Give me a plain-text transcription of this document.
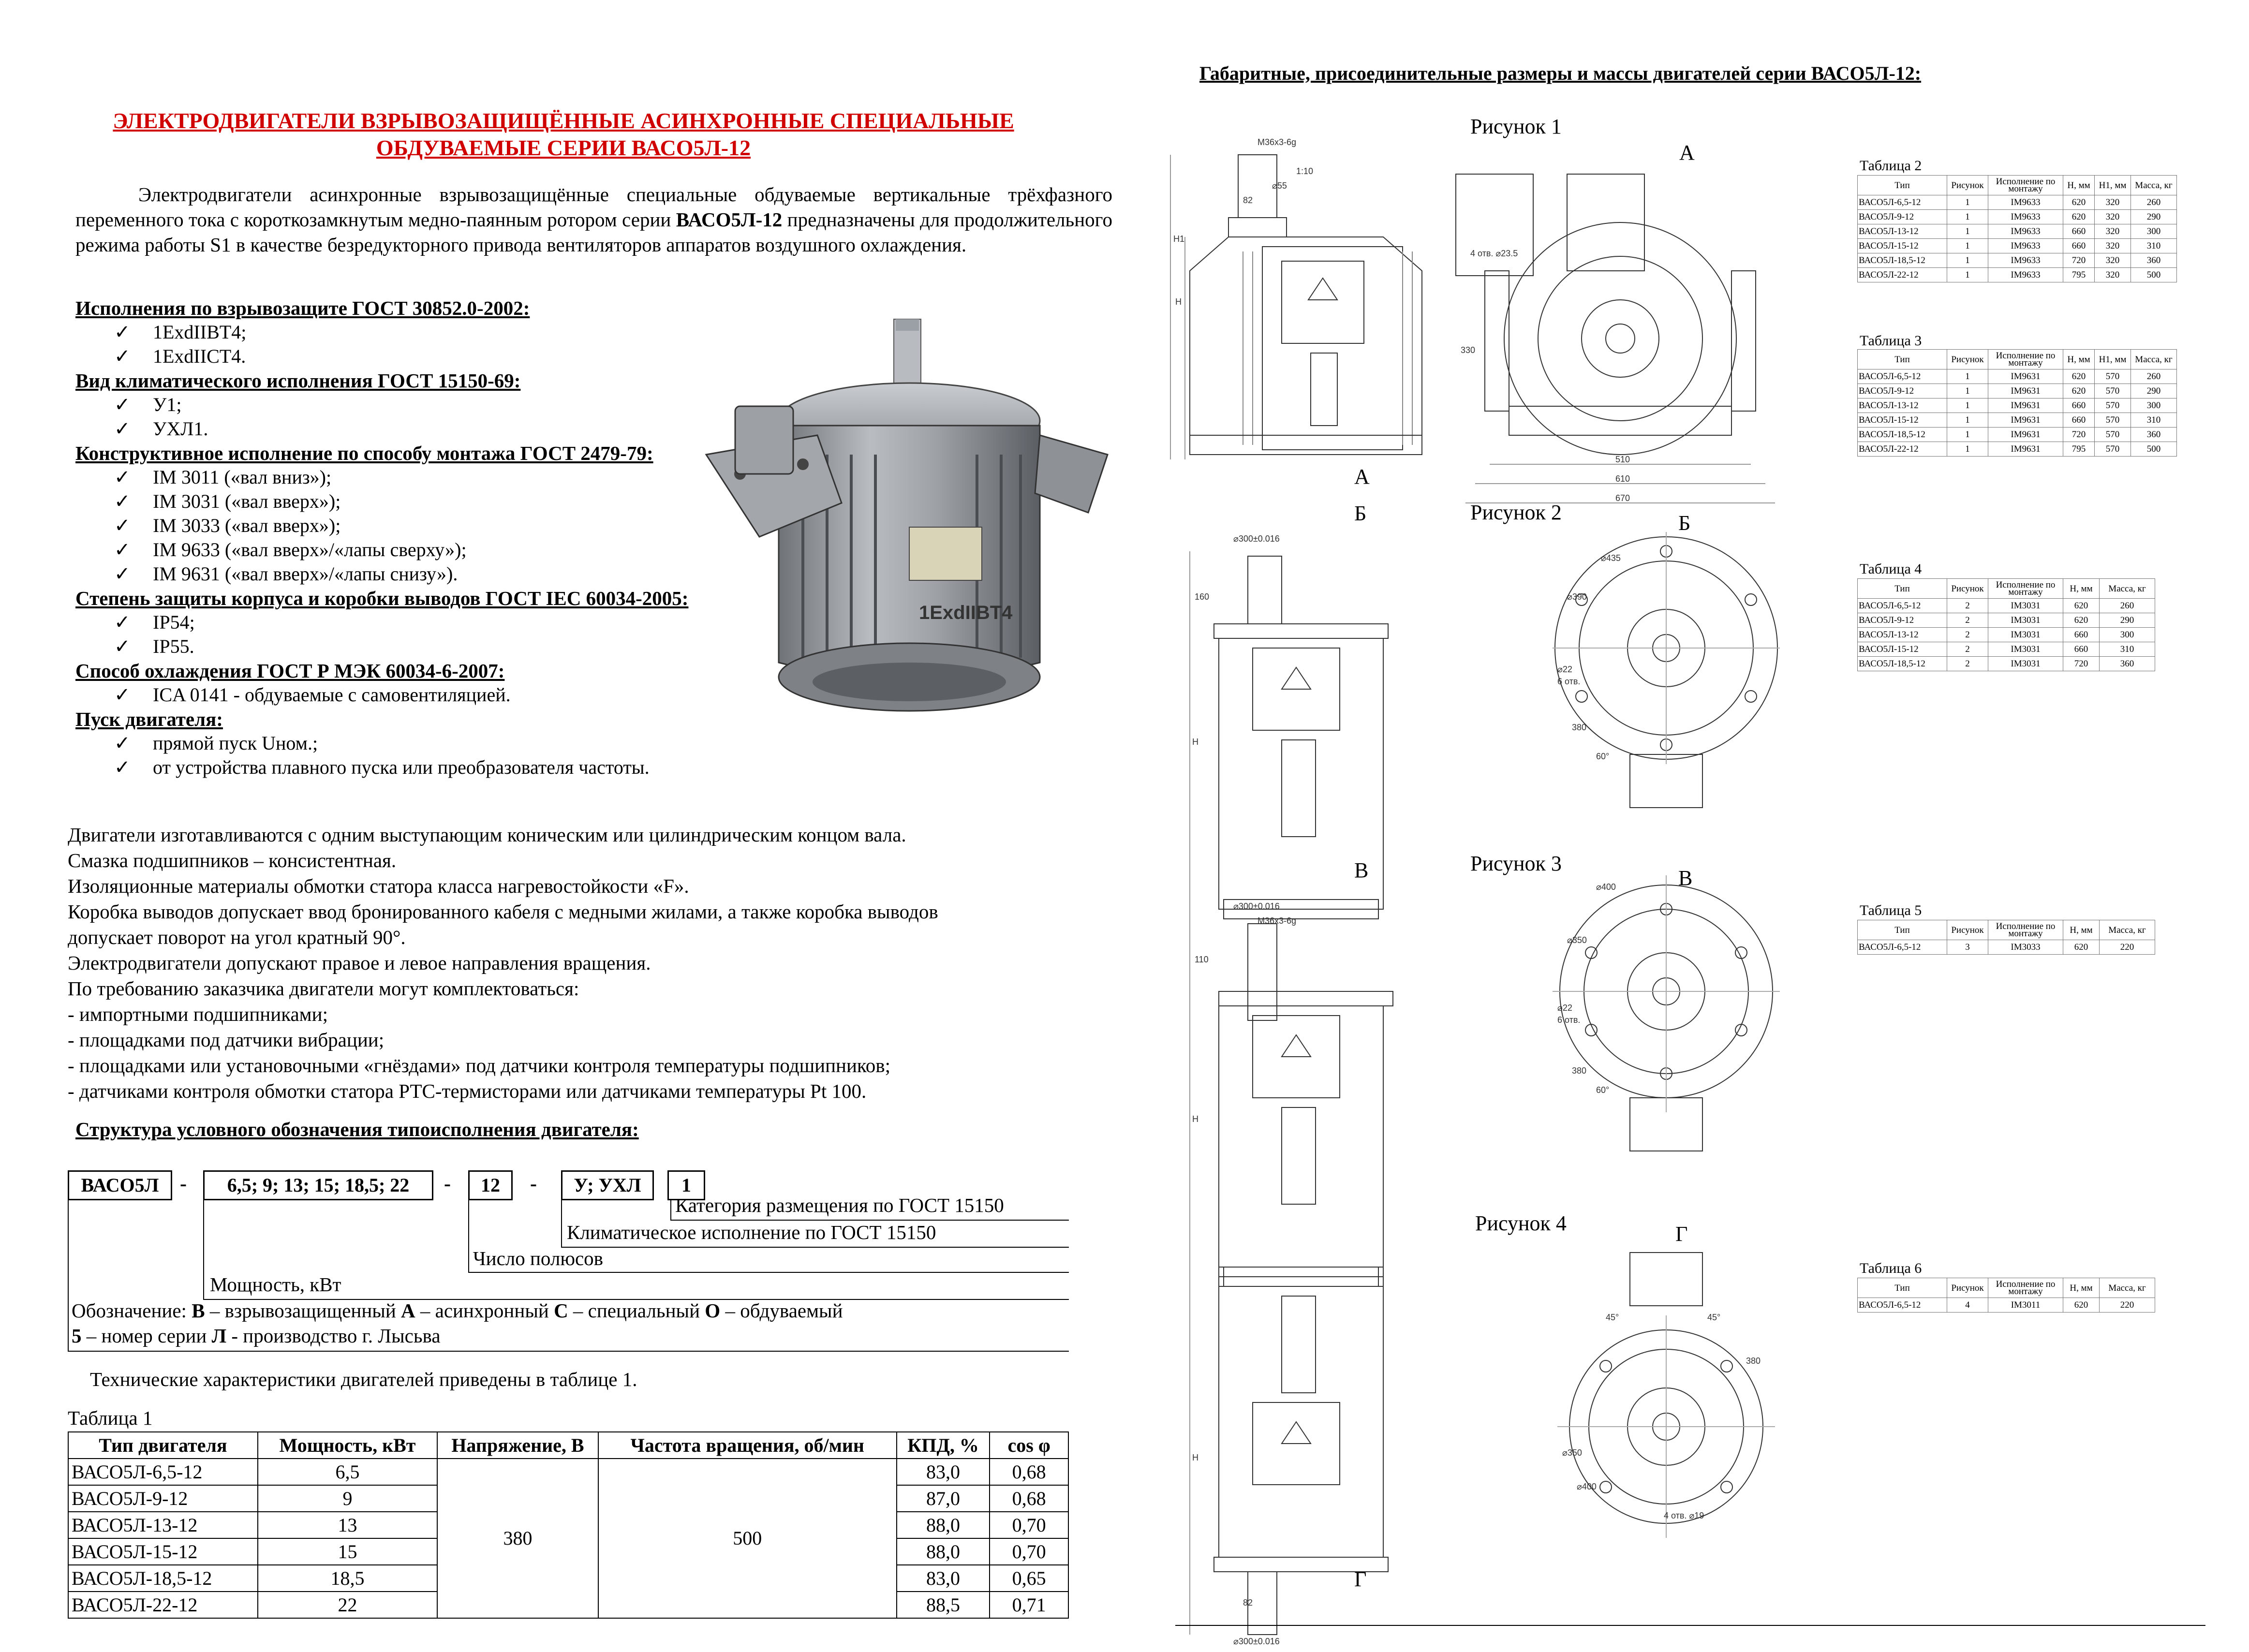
ЭЛЕКТРОДВИГАТЕЛИ ВЗРЫВОЗАЩИЩЁННЫЕ АСИНХРОННЫЕ СПЕЦИАЛЬНЫЕ
ОБДУВАЕМЫЕ СЕРИИ ВАСО5Л-12

Электродвигатели асинхронные взрывозащищённые специальные обдуваемые вертикальные трёхфазного переменного тока с короткозамкнутым медно-паянным ротором серии ВАСО5Л-12 предназначены для продолжительного режима работы S1 в качестве безредукторного привода вентиляторов аппаратов воздушного охлаждения.

Исполнения по взрывозащите ГОСТ 30852.0-2002:
✓ 1ExdIIBT4;
✓ 1ExdIICT4.
Вид климатического исполнения ГОСТ 15150-69:
✓ У1;
✓ УХЛ1.
Конструктивное исполнение по способу монтажа ГОСТ 2479-79:
✓ IM 3011 («вал вниз»);
✓ IM 3031 («вал вверх»);
✓ IM 3033 («вал вверх»);
✓ IM 9633 («вал вверх»/«лапы сверху»);
✓ IM 9631 («вал вверх»/«лапы снизу»).
Степень защиты корпуса и коробки выводов ГОСТ IEC 60034-2005:
✓ IP54;
✓ IP55.
Способ охлаждения ГОСТ Р МЭК 60034-6-2007:
✓ ICA 0141 - обдуваемые с самовентиляцией.
Пуск двигателя:
✓ прямой пуск Uном.;
✓ от устройства плавного пуска или преобразователя частоты.
1ExdIIBT4
Структура условного обозначения типоисполнения двигателя:
ВАСО5Л	-	6,5; 9; 13; 15; 18,5; 22	-	12	-	У; УХЛ	1
Категория размещения по ГОСТ 15150
Климатическое исполнение по ГОСТ 15150
Число полюсов
Мощность, кВт
Обозначение: В – взрывозащищенный А – асинхронный С – специальный О – обдуваемый
5 – номер серии Л - производство г. Лысьва
Технические характеристики двигателей приведены в таблице 1.
Таблица 1
Тип двигателя	Мощность, кВт	Напряжение, В	Частота вращения, об/мин	КПД, %	cos φ
ВАСО5Л-6,5-12	6,5	380	500	83,0	0,68
ВАСО5Л-9-12	9			87,0	0,68
ВАСО5Л-13-12	13			88,0	0,70
ВАСО5Л-15-12	15			88,0	0,70
ВАСО5Л-18,5-12	18,5			83,0	0,65
ВАСО5Л-22-12	22			88,5	0,71
Габаритные, присоединительные размеры и массы двигателей серии ВАСО5Л-12:
Рисунок 1
А
Рисунок 2	Б
Рисунок 3
В
Рисунок 4	Г
А
Б
В
Г
М36х3-6g
⌀55
H1
H
1:10
82
4 отв. ⌀23.5
330
510
610
670
⌀300±0.016
H
160
⌀435
⌀390
⌀22
6 отв.
380
60°
⌀300±0.016
М36х3-6g
H
110
⌀400
⌀350
⌀22
6 отв.
380
60°
H
⌀300±0.016
82
45°	45°
380
⌀350
⌀400
4 отв. ⌀19
Таблица 2
Тип	Рисунок	Исполнение по монтажу	H, мм	H1, мм	Масса, кг
ВАСО5Л-6,5-12	1	IM9633	620	320	260
ВАСО5Л-9-12	1	IM9633	620	320	290
ВАСО5Л-13-12	1	IM9633	660	320	300
ВАСО5Л-15-12	1	IM9633	660	320	310
ВАСО5Л-18,5-12	1	IM9633	720	320	360
ВАСО5Л-22-12	1	IM9633	795	320	500
Таблица 3
Тип	Рисунок	Исполнение по монтажу	H, мм	H1, мм	Масса, кг
ВАСО5Л-6,5-12	1	IM9631	620	570	260
ВАСО5Л-9-12	1	IM9631	620	570	290
ВАСО5Л-13-12	1	IM9631	660	570	300
ВАСО5Л-15-12	1	IM9631	660	570	310
ВАСО5Л-18,5-12	1	IM9631	720	570	360
ВАСО5Л-22-12	1	IM9631	795	570	500
Таблица 4
Тип	Рисунок	Исполнение по монтажу	H, мм	Масса, кг
ВАСО5Л-6,5-12	2	IM3031	620	260
ВАСО5Л-9-12	2	IM3031	620	290
ВАСО5Л-13-12	2	IM3031	660	300
ВАСО5Л-15-12	2	IM3031	660	310
ВАСО5Л-18,5-12	2	IM3031	720	360
Таблица 5
Тип	Рисунок	Исполнение по монтажу	H, мм	Масса, кг
ВАСО5Л-6,5-12	3	IM3033	620	220
Таблица 6
Тип	Рисунок	Исполнение по монтажу	H, мм	Масса, кг
ВАСО5Л-6,5-12	4	IM3011	620	220
Двигатели изготавливаются с одним выступающим коническим или цилиндрическим концом вала.
Смазка подшипников – консистентная.
Изоляционные материалы обмотки статора класса нагревостойкости «F».
Коробка выводов допускает ввод бронированного кабеля с медными жилами, а также коробка выводов
допускает поворот на угол кратный 90°.
Электродвигатели допускают правое и левое направления вращения.
По требованию заказчика двигатели могут комплектоваться:
- импортными подшипниками;
- площадками под датчики вибрации;
- площадками или установочными «гнёздами» под датчики контроля температуры подшипников;
- датчиками контроля обмотки статора РТС-термисторами или датчиками температуры Pt 100.
